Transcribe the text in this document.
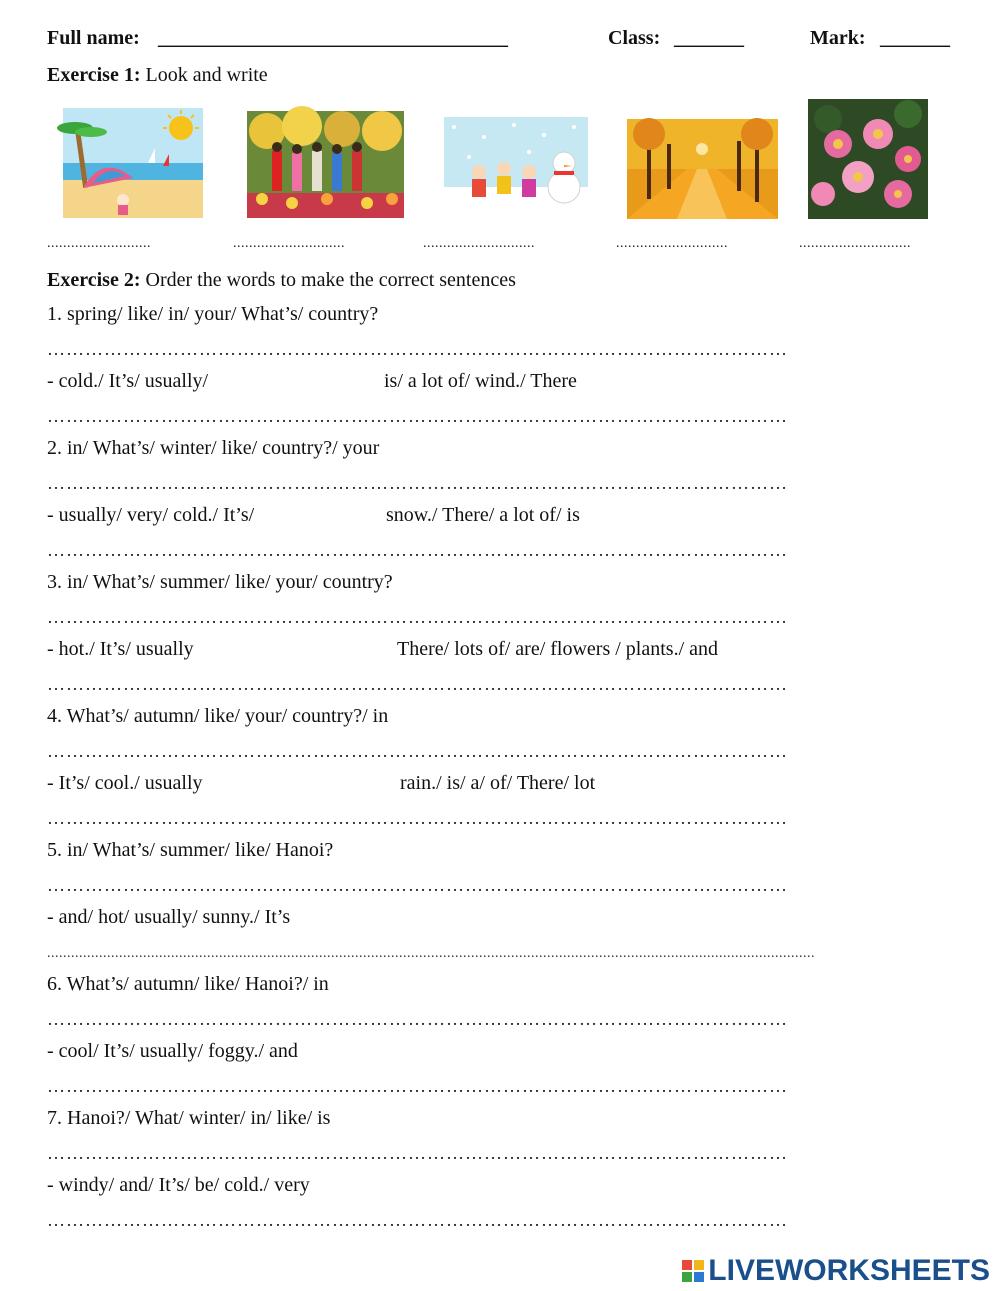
Full name: ___________________________________	Class: _______	Mark: _______
Exercise 1: Look and write
..........................	............................	............................	............................	............................
Exercise 2: Order the words to make the correct sentences
1. spring/ like/ in/ your/ What’s/ country?
………………………………………………………………………………………………………
- cold./ It’s/ usually/	is/ a lot of/ wind./ There
………………………………………………………………………………………………………
2. in/ What’s/ winter/ like/ country?/ your
………………………………………………………………………………………………………
- usually/ very/ cold./ It’s/	snow./ There/ a lot of/ is
………………………………………………………………………………………………………
3. in/ What’s/ summer/ like/ your/ country?
………………………………………………………………………………………………………
- hot./ It’s/ usually	There/ lots of/ are/ flowers / plants./ and
………………………………………………………………………………………………………
4. What’s/ autumn/ like/ your/ country?/ in
………………………………………………………………………………………………………
- It’s/ cool./ usually	rain./ is/ a/ of/ There/ lot
………………………………………………………………………………………………………
5. in/ What’s/ summer/ like/ Hanoi?
………………………………………………………………………………………………………
- and/ hot/ usually/ sunny./ It’s
................................................................................................................................................................................................
6. What’s/ autumn/ like/ Hanoi?/ in
………………………………………………………………………………………………………
- cool/ It’s/ usually/ foggy./ and
………………………………………………………………………………………………………
7. Hanoi?/ What/ winter/ in/ like/ is
………………………………………………………………………………………………………
- windy/ and/ It’s/ be/ cold./ very
………………………………………………………………………………………………………
LIVEWORKSHEETS
